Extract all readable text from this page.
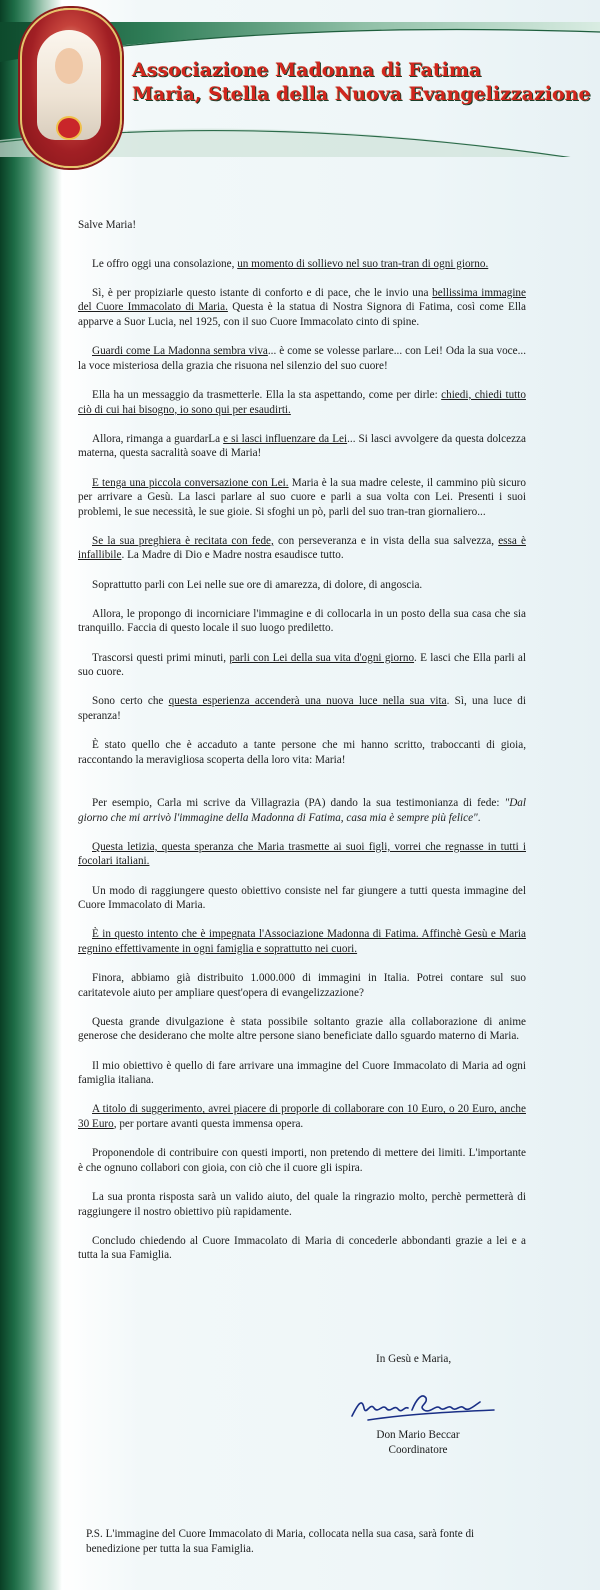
Associazione Madonna di Fatima
Maria, Stella della Nuova Evangelizzazione

Salve Maria!

Le offro oggi una consolazione, un momento di sollievo nel suo tran-tran di ogni giorno.

Sì, è per propiziarle questo istante di conforto e di pace, che le invio una bellissima immagine del Cuore Immacolato di Maria. Questa è la statua di Nostra Signora di Fatima, così come Ella apparve a Suor Lucia, nel 1925, con il suo Cuore Immacolato cinto di spine.

Guardi come La Madonna sembra viva... è come se volesse parlare... con Lei! Oda la sua voce... la voce misteriosa della grazia che risuona nel silenzio del suo cuore!

Ella ha un messaggio da trasmetterle. Ella la sta aspettando, come per dirle: chiedi, chiedi tutto ciò di cui hai bisogno, io sono qui per esaudirti.

Allora, rimanga a guardarLa e si lasci influenzare da Lei... Si lasci avvolgere da questa dolcezza materna, questa sacralità soave di Maria!

E tenga una piccola conversazione con Lei. Maria è la sua madre celeste, il cammino più sicuro per arrivare a Gesù. La lasci parlare al suo cuore e parli a sua volta con Lei. Presenti i suoi problemi, le sue necessità, le sue gioie. Si sfoghi un pò, parli del suo tran-tran giornaliero...

Se la sua preghiera è recitata con fede, con perseveranza e in vista della sua salvezza, essa è infallibile. La Madre di Dio e Madre nostra esaudisce tutto.

Soprattutto parli con Lei nelle sue ore di amarezza, di dolore, di angoscia.

Allora, le propongo di incorniciare l'immagine e di collocarla in un posto della sua casa che sia tranquillo. Faccia di questo locale il suo luogo prediletto.

Trascorsi questi primi minuti, parli con Lei della sua vita d'ogni giorno. E lasci che Ella parli al suo cuore.

Sono certo che questa esperienza accenderà una nuova luce nella sua vita. Sì, una luce di speranza!

È stato quello che è accaduto a tante persone che mi hanno scritto, traboccanti di gioia, raccontando la meravigliosa scoperta della loro vita: Maria!

Per esempio, Carla mi scrive da Villagrazia (PA) dando la sua testimonianza di fede: "Dal giorno che mi arrivò l'immagine della Madonna di Fatima, casa mia è sempre più felice".

Questa letizia, questa speranza che Maria trasmette ai suoi figli, vorrei che regnasse in tutti i focolari italiani.

Un modo di raggiungere questo obiettivo consiste nel far giungere a tutti questa immagine del Cuore Immacolato di Maria.

È in questo intento che è impegnata l'Associazione Madonna di Fatima. Affinchè Gesù e Maria regnino effettivamente in ogni famiglia e soprattutto nei cuori.

Finora, abbiamo già distribuito 1.000.000 di immagini in Italia. Potrei contare sul suo caritatevole aiuto per ampliare quest'opera di evangelizzazione?

Questa grande divulgazione è stata possibile soltanto grazie alla collaborazione di anime generose che desiderano che molte altre persone siano beneficiate dallo sguardo materno di Maria.

Il mio obiettivo è quello di fare arrivare una immagine del Cuore Immacolato di Maria ad ogni famiglia italiana.

A titolo di suggerimento, avrei piacere di proporle di collaborare con 10 Euro, o 20 Euro, anche 30 Euro, per portare avanti questa immensa opera.

Proponendole di contribuire con questi importi, non pretendo di mettere dei limiti. L'importante è che ognuno collabori con gioia, con ciò che il cuore gli ispira.

La sua pronta risposta sarà un valido aiuto, del quale la ringrazio molto, perchè permetterà di raggiungere il nostro obiettivo più rapidamente.

Concludo chiedendo al Cuore Immacolato di Maria di concederle abbondanti grazie a lei e a tutta la sua Famiglia.

In Gesù e Maria,
Don Mario Beccar
Coordinatore
P.S. L'immagine del Cuore Immacolato di Maria, collocata nella sua casa, sarà fonte di benedizione per tutta la sua Famiglia.
